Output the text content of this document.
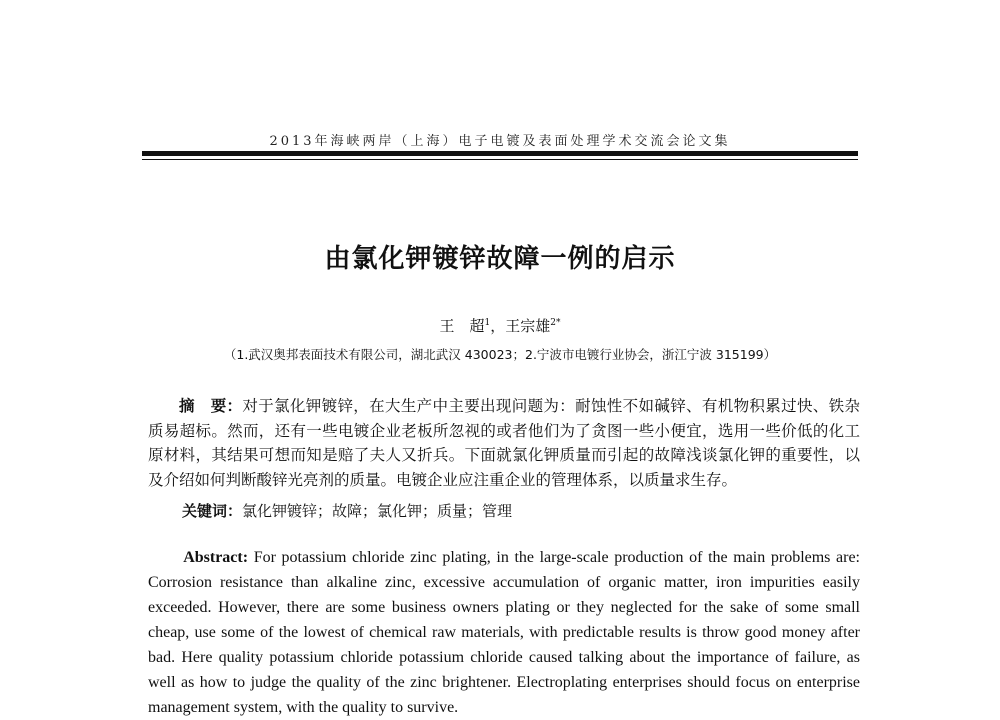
2013年海峡两岸（上海）电子电镀及表面处理学术交流会论文集

由氯化钾镀锌故障一例的启示

王　超$^1$，王宗雄$^{2*}$

（1.武汉奥邦表面技术有限公司，湖北武汉 430023；2.宁波市电镀行业协会，浙江宁波 315199）

摘　要：对于氯化钾镀锌，在大生产中主要出现问题为：耐蚀性不如碱锌、有机物积累过快、铁杂质易超标。然而，还有一些电镀企业老板所忽视的或者他们为了贪图一些小便宜，选用一些价低的化工原材料，其结果可想而知是赔了夫人又折兵。下面就氯化钾质量而引起的故障浅谈氯化钾的重要性，以及介绍如何判断酸锌光亮剂的质量。电镀企业应注重企业的管理体系，以质量求生存。

关键词：氯化钾镀锌；故障；氯化钾；质量；管理

Abstract: For potassium chloride zinc plating, in the large-scale production of the main problems are: Corrosion resistance than alkaline zinc, excessive accumulation of organic matter, iron impurities easily exceeded. However, there are some business owners plating or they neglected for the sake of some small cheap, use some of the lowest of chemical raw materials, with predictable results is throw good money after bad. Here quality potassium chloride potassium chloride caused talking about the importance of failure, as well as how to judge the quality of the zinc brightener. Electroplating enterprises should focus on enterprise management system, with the quality to survive.
